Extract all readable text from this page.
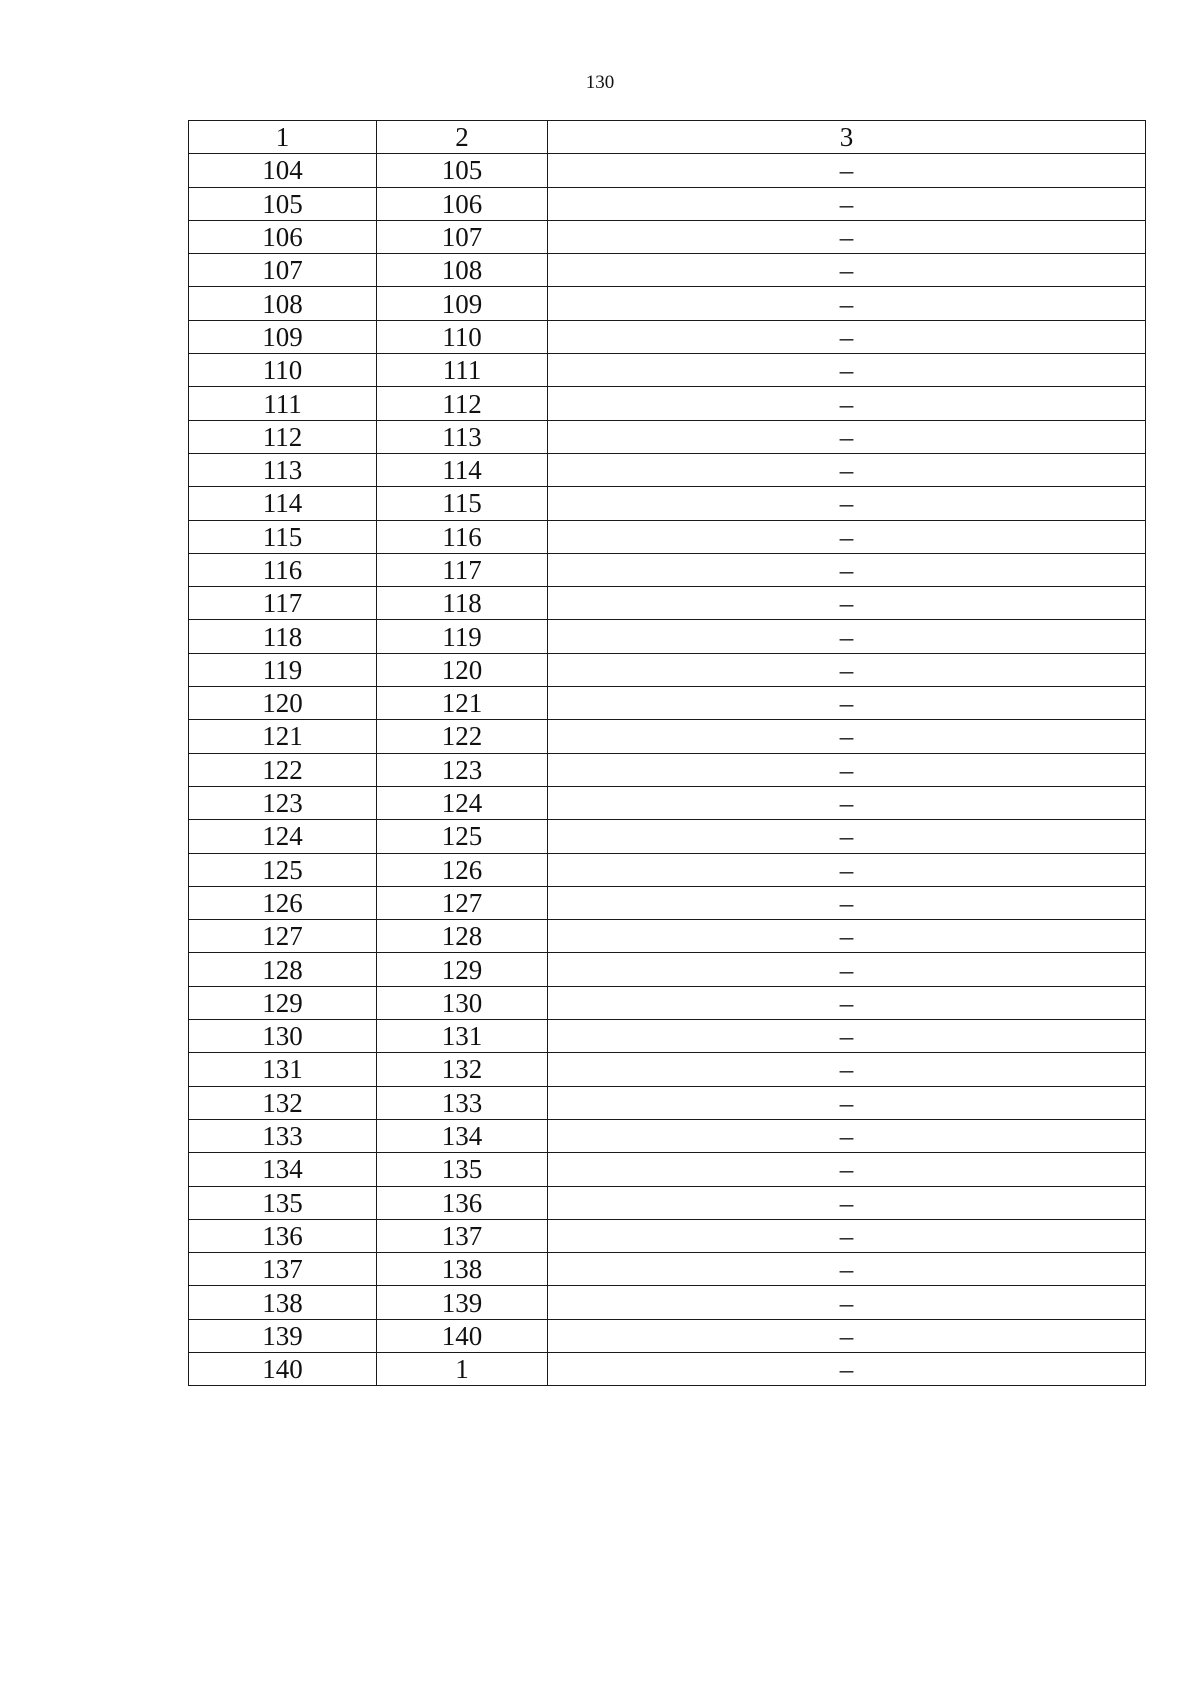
130
1	2	3
104	105	–
105	106	–
106	107	–
107	108	–
108	109	–
109	110	–
110	111	–
111	112	–
112	113	–
113	114	–
114	115	–
115	116	–
116	117	–
117	118	–
118	119	–
119	120	–
120	121	–
121	122	–
122	123	–
123	124	–
124	125	–
125	126	–
126	127	–
127	128	–
128	129	–
129	130	–
130	131	–
131	132	–
132	133	–
133	134	–
134	135	–
135	136	–
136	137	–
137	138	–
138	139	–
139	140	–
140	1	–
